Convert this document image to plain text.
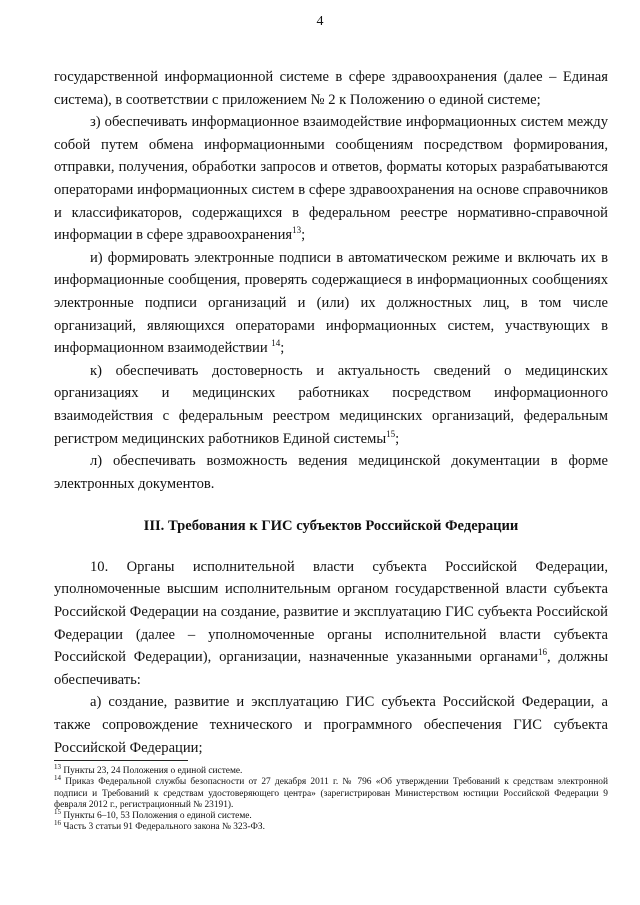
4

государственной информационной системе в сфере здравоохранения (далее – Единая система), в соответствии с приложением № 2 к Положению о единой системе;

з) обеспечивать информационное взаимодействие информационных систем между собой путем обмена информационными сообщениям посредством формирования, отправки, получения, обработки запросов и ответов, форматы которых разрабатываются операторами информационных систем в сфере здравоохранения на основе справочников и классификаторов, содержащихся в федеральном реестре нормативно-справочной информации в сфере здравоохранения$^{13}$;

и) формировать электронные подписи в автоматическом режиме и включать их в информационные сообщения, проверять содержащиеся в информационных сообщениях электронные подписи организаций и (или) их должностных лиц, в том числе организаций, являющихся операторами информационных систем, участвующих в информационном взаимодействии $^{14}$;

к) обеспечивать достоверность и актуальность сведений о медицинских организациях и медицинских работниках посредством информационного взаимодействия с федеральным реестром медицинских организаций, федеральным регистром медицинских работников Единой системы$^{15}$;

л) обеспечивать возможность ведения медицинской документации в форме электронных документов.

III. Требования к ГИС субъектов Российской Федерации

10. Органы исполнительной власти субъекта Российской Федерации, уполномоченные высшим исполнительным органом государственной власти субъекта Российской Федерации на создание, развитие и эксплуатацию ГИС субъекта Российской Федерации (далее – уполномоченные органы исполнительной власти субъекта Российской Федерации), организации, назначенные указанными органами$^{16}$, должны обеспечивать:

а) создание, развитие и эксплуатацию ГИС субъекта Российской Федерации, а также сопровождение технического и программного обеспечения ГИС субъекта Российской Федерации;

$^{13}$ Пункты 23, 24 Положения о единой системе.

$^{14}$ Приказ Федеральной службы безопасности от 27 декабря 2011 г. № 796 «Об утверждении Требований к средствам электронной подписи и Требований к средствам удостоверяющего центра» (зарегистрирован Министерством юстиции Российской Федерации 9 февраля 2012 г., регистрационный № 23191).

$^{15}$ Пункты 6–10, 53 Положения о единой системе.

$^{16}$ Часть 3 статьи 91 Федерального закона № 323-ФЗ.
